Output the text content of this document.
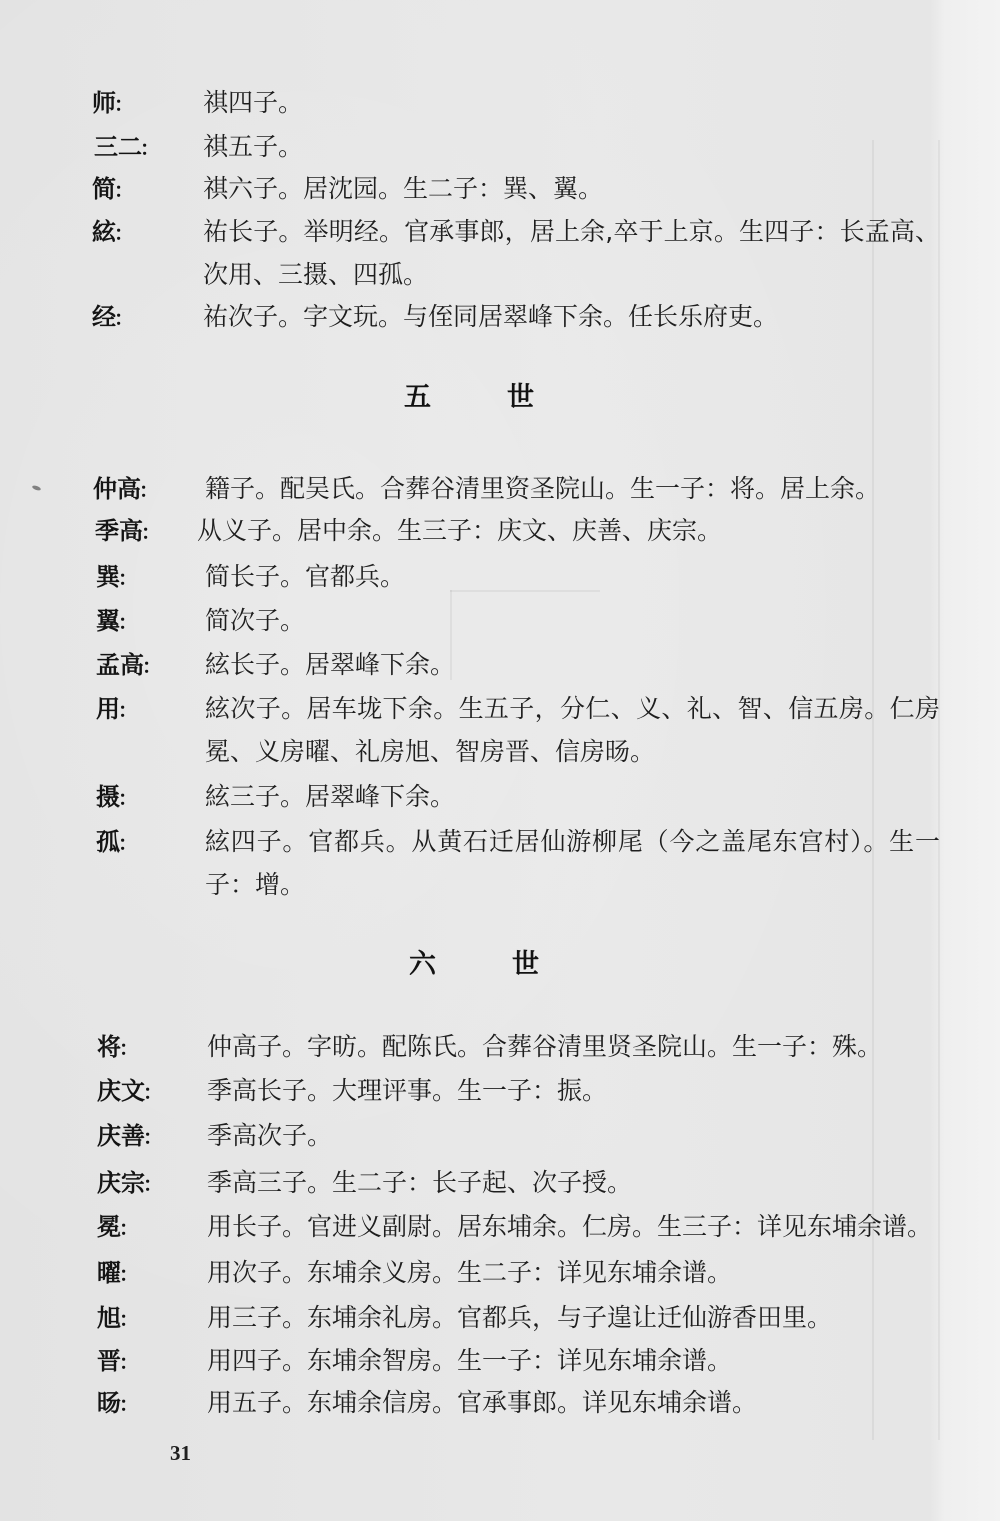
师：	祺四子。
三二： 祺五子。
简：	祺六子。居沈园。生二子：巽、翼。
絃：	祐长子。举明经。官承事郎，居上余,卒于上京。生四子：长孟高、
次用、三摄、四孤。
经：	祐次子。字文玩。与侄同居翠峰下余。任长乐府吏。
五世
仲高： 籍子。配吴氏。合葬谷清里资圣院山。生一子：将。居上余。
季高： 从义子。居中余。生三子：庆文、庆善、庆宗。
巽：	简长子。官都兵。
翼：	简次子。
孟高： 絃长子。居翠峰下余。
用：	絃次子。居车垅下余。生五子，分仁、义、礼、智、信五房。仁房
冕、义房曜、礼房旭、智房晋、信房旸。
摄：	絃三子。居翠峰下余。
孤：	絃四子。官都兵。从黄石迁居仙游柳尾（今之盖尾东宫村）。生一
子：增。
六世
将：	仲高子。字昉。配陈氏。合葬谷清里贤圣院山。生一子：殊。
庆文： 季高长子。大理评事。生一子：振。
庆善： 季高次子。
庆宗： 季高三子。生二子：长子起、次子授。
冕：	用长子。官进义副尉。居东埔余。仁房。生三子：详见东埔余谱。
曜：	用次子。东埔余义房。生二子：详见东埔余谱。
旭：	用三子。东埔余礼房。官都兵，与子遑让迁仙游香田里。
晋：	用四子。东埔余智房。生一子：详见东埔余谱。
旸：	用五子。东埔余信房。官承事郎。详见东埔余谱。
31
